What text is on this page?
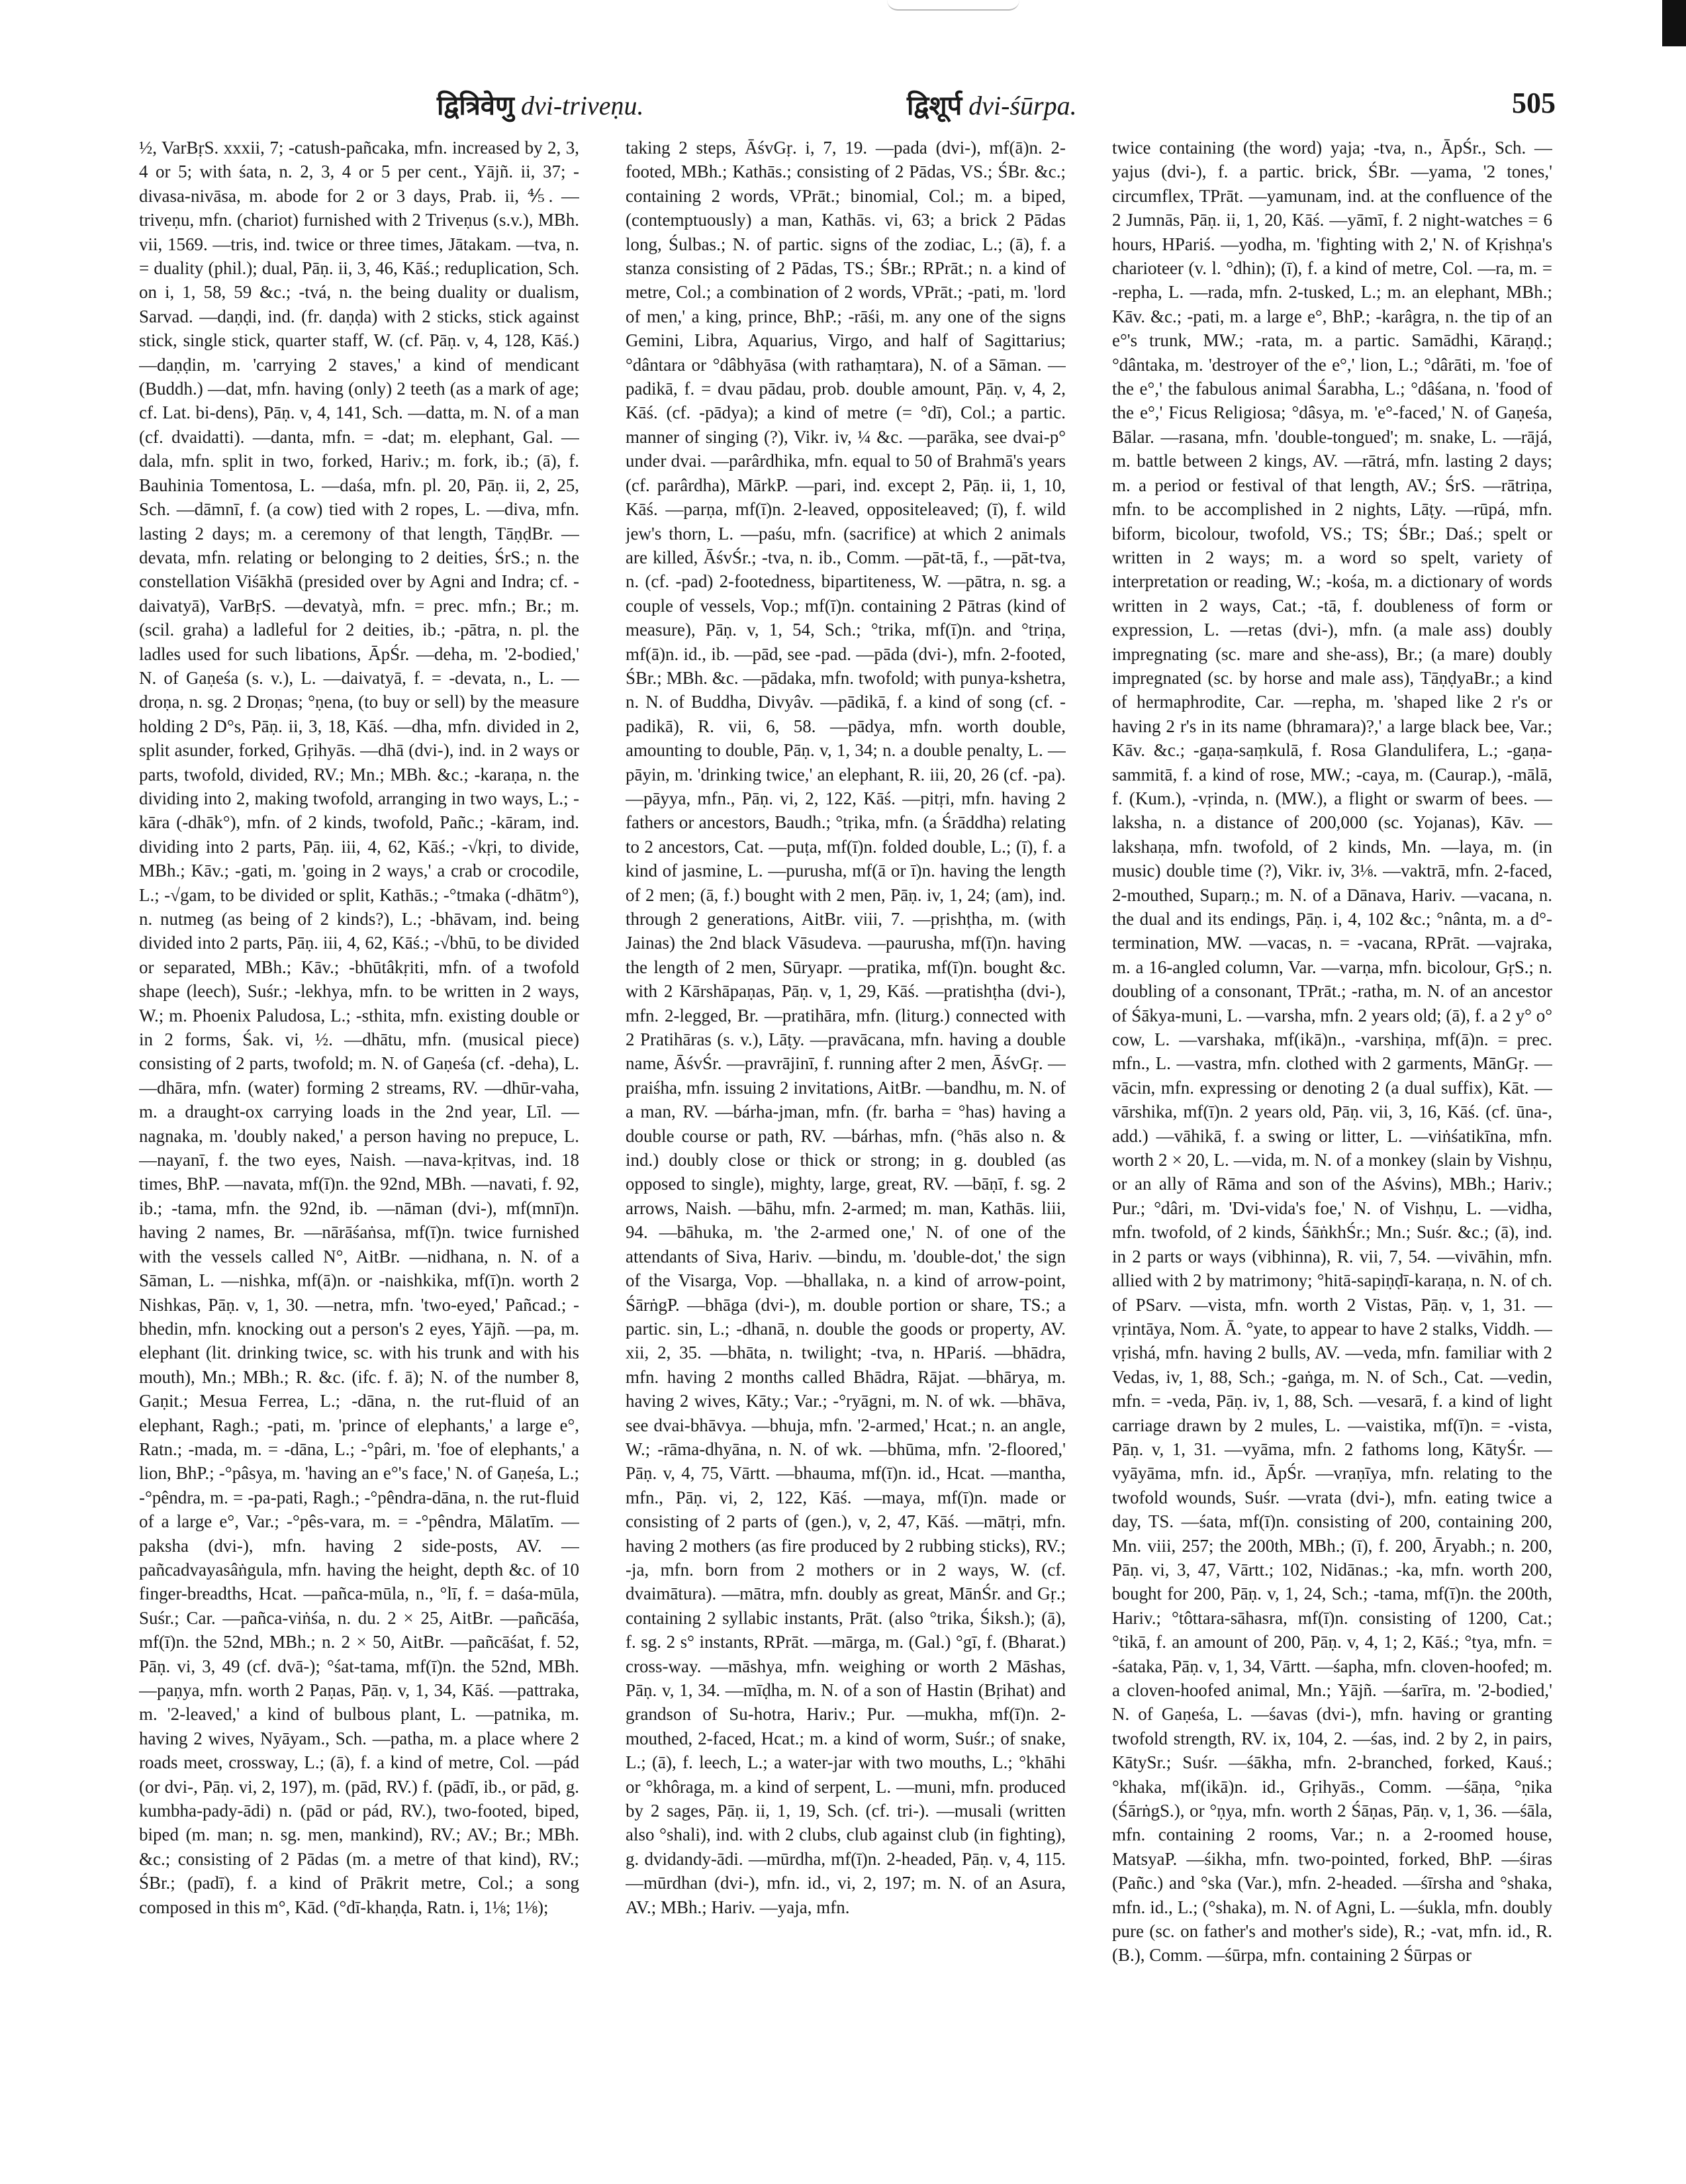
द्वित्रिवेणु dvi-triveṇu.	द्विशूर्प dvi-śūrpa.	505

½, VarBṛS. xxxii, 7; -catush-pañcaka, mfn. increased by 2, 3, 4 or 5; with śata, n. 2, 3, 4 or 5 per cent., Yājñ. ii, 37; -divasa-nivāsa, m. abode for 2 or 3 days, Prab. ii, ⅘. —triveṇu, mfn. (chariot) furnished with 2 Triveṇus (s.v.), MBh. vii, 1569. —tris, ind. twice or three times, Jātakam. —tva, n. = duality (phil.); dual, Pāṇ. ii, 3, 46, Kāś.; reduplication, Sch. on i, 1, 58, 59 &c.; -tvá, n. the being duality or dualism, Sarvad. —daṇḍi, ind. (fr. daṇḍa) with 2 sticks, stick against stick, single stick, quarter staff, W. (cf. Pāṇ. v, 4, 128, Kāś.) —daṇḍin, m. 'carrying 2 staves,' a kind of mendicant (Buddh.) —dat, mfn. having (only) 2 teeth (as a mark of age; cf. Lat. bi-dens), Pāṇ. v, 4, 141, Sch. —datta, m. N. of a man (cf. dvaidatti). —danta, mfn. = -dat; m. elephant, Gal. —dala, mfn. split in two, forked, Hariv.; m. fork, ib.; (ā), f. Bauhinia Tomentosa, L. —daśa, mfn. pl. 20, Pāṇ. ii, 2, 25, Sch. —dāmnī, f. (a cow) tied with 2 ropes, L. —diva, mfn. lasting 2 days; m. a ceremony of that length, TāṇḍBr. —devata, mfn. relating or belonging to 2 deities, ŚrS.; n. the constellation Viśākhā (presided over by Agni and Indra; cf. -daivatyā), VarBṛS. —devatyà, mfn. = prec. mfn.; Br.; m. (scil. graha) a ladleful for 2 deities, ib.; -pātra, n. pl. the ladles used for such libations, ĀpŚr. —deha, m. '2-bodied,' N. of Gaṇeśa (s. v.), L. —daivatyā, f. = -devata, n., L. —droṇa, n. sg. 2 Droṇas; °ṇena, (to buy or sell) by the measure holding 2 D°s, Pāṇ. ii, 3, 18, Kāś. —dha, mfn. divided in 2, split asunder, forked, Gṛihyās. —dhā (dvi-), ind. in 2 ways or parts, twofold, divided, RV.; Mn.; MBh. &c.; -karaṇa, n. the dividing into 2, making twofold, arranging in two ways, L.; -kāra (-dhāk°), mfn. of 2 kinds, twofold, Pañc.; -kāram, ind. dividing into 2 parts, Pāṇ. iii, 4, 62, Kāś.; -√kṛi, to divide, MBh.; Kāv.; -gati, m. 'going in 2 ways,' a crab or crocodile, L.; -√gam, to be divided or split, Kathās.; -°tmaka (-dhātm°), n. nutmeg (as being of 2 kinds?), L.; -bhāvam, ind. being divided into 2 parts, Pāṇ. iii, 4, 62, Kāś.; -√bhū, to be divided or separated, MBh.; Kāv.; -bhūtâkṛiti, mfn. of a twofold shape (leech), Suśr.; -lekhya, mfn. to be written in 2 ways, W.; m. Phoenix Paludosa, L.; -sthita, mfn. existing double or in 2 forms, Śak. vi, ½. —dhātu, mfn. (musical piece) consisting of 2 parts, twofold; m. N. of Gaṇeśa (cf. -deha), L. —dhāra, mfn. (water) forming 2 streams, RV. —dhūr-vaha, m. a draught-ox carrying loads in the 2nd year, Līl. —nagnaka, m. 'doubly naked,' a person having no prepuce, L. —nayanī, f. the two eyes, Naish. —nava-kṛitvas, ind. 18 times, BhP. —navata, mf(ī)n. the 92nd, MBh. —navati, f. 92, ib.; -tama, mfn. the 92nd, ib. —nāman (dvi-), mf(mnī)n. having 2 names, Br. —nārāśaṅsa, mf(ī)n. twice furnished with the vessels called N°, AitBr. —nidhana, n. N. of a Sāman, L. —nishka, mf(ā)n. or -naishkika, mf(ī)n. worth 2 Nishkas, Pāṇ. v, 1, 30. —netra, mfn. 'two-eyed,' Pañcad.; -bhedin, mfn. knocking out a person's 2 eyes, Yājñ. —pa, m. elephant (lit. drinking twice, sc. with his trunk and with his mouth), Mn.; MBh.; R. &c. (ifc. f. ā); N. of the number 8, Gaṇit.; Mesua Ferrea, L.; -dāna, n. the rut-fluid of an elephant, Ragh.; -pati, m. 'prince of elephants,' a large e°, Ratn.; -mada, m. = -dāna, L.; -°pâri, m. 'foe of elephants,' a lion, BhP.; -°pâsya, m. 'having an e°'s face,' N. of Gaṇeśa, L.; -°pêndra, m. = -pa-pati, Ragh.; -°pêndra-dāna, n. the rut-fluid of a large e°, Var.; -°pês-vara, m. = -°pêndra, Mālatīm. —paksha (dvi-), mfn. having 2 side-posts, AV. —pañcadvayasâṅgula, mfn. having the height, depth &c. of 10 finger-breadths, Hcat. —pañca-mūla, n., °lī, f. = daśa-mūla, Suśr.; Car. —pañca-viṅśa, n. du. 2 × 25, AitBr. —pañcāśa, mf(ī)n. the 52nd, MBh.; n. 2 × 50, AitBr. —pañcāśat, f. 52, Pāṇ. vi, 3, 49 (cf. dvā-); °śat-tama, mf(ī)n. the 52nd, MBh. —paṇya, mfn. worth 2 Paṇas, Pāṇ. v, 1, 34, Kāś. —pattraka, m. '2-leaved,' a kind of bulbous plant, L. —patnika, m. having 2 wives, Nyāyam., Sch. —patha, m. a place where 2 roads meet, crossway, L.; (ā), f. a kind of metre, Col. —pád (or dvi-, Pāṇ. vi, 2, 197), m. (pād, RV.) f. (pādī, ib., or pād, g. kumbha-pady-ādi) n. (pād or pád, RV.), two-footed, biped, biped (m. man; n. sg. men, mankind), RV.; AV.; Br.; MBh. &c.; consisting of 2 Pādas (m. a metre of that kind), RV.; ŚBr.; (padī), f. a kind of Prākrit metre, Col.; a song composed in this m°, Kād. (°dī-khaṇḍa, Ratn. i, 1⅛; 1⅛);

taking 2 steps, ĀśvGṛ. i, 7, 19. —pada (dvi-), mf(ā)n. 2-footed, MBh.; Kathās.; consisting of 2 Pādas, VS.; ŚBr. &c.; containing 2 words, VPrāt.; binomial, Col.; m. a biped, (contemptuously) a man, Kathās. vi, 63; a brick 2 Pādas long, Śulbas.; N. of partic. signs of the zodiac, L.; (ā), f. a stanza consisting of 2 Pādas, TS.; ŚBr.; RPrāt.; n. a kind of metre, Col.; a combination of 2 words, VPrāt.; -pati, m. 'lord of men,' a king, prince, BhP.; -rāśi, m. any one of the signs Gemini, Libra, Aquarius, Virgo, and half of Sagittarius; °dântara or °dâbhyāsa (with rathaṃtara), N. of a Sāman. —padikā, f. = dvau pādau, prob. double amount, Pāṇ. v, 4, 2, Kāś. (cf. -pādya); a kind of metre (= °dī), Col.; a partic. manner of singing (?), Vikr. iv, ¼ &c. —parāka, see dvai-p° under dvai. —parârdhika, mfn. equal to 50 of Brahmā's years (cf. parârdha), MārkP. —pari, ind. except 2, Pāṇ. ii, 1, 10, Kāś. —parṇa, mf(ī)n. 2-leaved, oppositeleaved; (ī), f. wild jew's thorn, L. —paśu, mfn. (sacrifice) at which 2 animals are killed, ĀśvŚr.; -tva, n. ib., Comm. —pāt-tā, f., —pāt-tva, n. (cf. -pad) 2-footedness, bipartiteness, W. —pātra, n. sg. a couple of vessels, Vop.; mf(ī)n. containing 2 Pātras (kind of measure), Pāṇ. v, 1, 54, Sch.; °trika, mf(ī)n. and °triṇa, mf(ā)n. id., ib. —pād, see -pad. —pāda (dvi-), mfn. 2-footed, ŚBr.; MBh. &c. —pādaka, mfn. twofold; with punya-kshetra, n. N. of Buddha, Divyâv. —pādikā, f. a kind of song (cf. -padikā), R. vii, 6, 58. —pādya, mfn. worth double, amounting to double, Pāṇ. v, 1, 34; n. a double penalty, L. —pāyin, m. 'drinking twice,' an elephant, R. iii, 20, 26 (cf. -pa). —pāyya, mfn., Pāṇ. vi, 2, 122, Kāś. —pitṛi, mfn. having 2 fathers or ancestors, Baudh.; °tṛika, mfn. (a Śrāddha) relating to 2 ancestors, Cat. —puṭa, mf(ī)n. folded double, L.; (ī), f. a kind of jasmine, L. —purusha, mf(ā or ī)n. having the length of 2 men; (ā, f.) bought with 2 men, Pāṇ. iv, 1, 24; (am), ind. through 2 generations, AitBr. viii, 7. —pṛishṭha, m. (with Jainas) the 2nd black Vāsudeva. —paurusha, mf(ī)n. having the length of 2 men, Sūryapr. —pratika, mf(ī)n. bought &c. with 2 Kārshāpaṇas, Pāṇ. v, 1, 29, Kāś. —pratishṭha (dvi-), mfn. 2-legged, Br. —pratihāra, mfn. (liturg.) connected with 2 Pratihāras (s. v.), Lāṭy. —pravācana, mfn. having a double name, ĀśvŚr. —pravrājinī, f. running after 2 men, ĀśvGṛ. —praiśha, mfn. issuing 2 invitations, AitBr. —bandhu, m. N. of a man, RV. —bárha-jman, mfn. (fr. barha = °has) having a double course or path, RV. —bárhas, mfn. (°hās also n. & ind.) doubly close or thick or strong; in g. doubled (as opposed to single), mighty, large, great, RV. —bāṇī, f. sg. 2 arrows, Naish. —bāhu, mfn. 2-armed; m. man, Kathās. liii, 94. —bāhuka, m. 'the 2-armed one,' N. of one of the attendants of Siva, Hariv. —bindu, m. 'double-dot,' the sign of the Visarga, Vop. —bhallaka, n. a kind of arrow-point, ŚārṅgP. —bhāga (dvi-), m. double portion or share, TS.; a partic. sin, L.; -dhanā, n. double the goods or property, AV. xii, 2, 35. —bhāta, n. twilight; -tva, n. HPariś. —bhādra, mfn. having 2 months called Bhādra, Rājat. —bhārya, m. having 2 wives, Kāty.; Var.; -°ryāgni, m. N. of wk. —bhāva, see dvai-bhāvya. —bhuja, mfn. '2-armed,' Hcat.; n. an angle, W.; -rāma-dhyāna, n. N. of wk. —bhūma, mfn. '2-floored,' Pāṇ. v, 4, 75, Vārtt. —bhauma, mf(ī)n. id., Hcat. —mantha, mfn., Pāṇ. vi, 2, 122, Kāś. —maya, mf(ī)n. made or consisting of 2 parts of (gen.), v, 2, 47, Kāś. —mātṛi, mfn. having 2 mothers (as fire produced by 2 rubbing sticks), RV.; -ja, mfn. born from 2 mothers or in 2 ways, W. (cf. dvaimātura). —mātra, mfn. doubly as great, MānŚr. and Gṛ.; containing 2 syllabic instants, Prāt. (also °trika, Śiksh.); (ā), f. sg. 2 s° instants, RPrāt. —mārga, m. (Gal.) °gī, f. (Bharat.) cross-way. —māshya, mfn. weighing or worth 2 Māshas, Pāṇ. v, 1, 34. —mīḍha, m. N. of a son of Hastin (Bṛihat) and grandson of Su-hotra, Hariv.; Pur. —mukha, mf(ī)n. 2-mouthed, 2-faced, Hcat.; m. a kind of worm, Suśr.; of snake, L.; (ā), f. leech, L.; a water-jar with two mouths, L.; °khāhi or °khôraga, m. a kind of serpent, L. —muni, mfn. produced by 2 sages, Pāṇ. ii, 1, 19, Sch. (cf. tri-). —musali (written also °shali), ind. with 2 clubs, club against club (in fighting), g. dvidandy-ādi. —mūrdha, mf(ī)n. 2-headed, Pāṇ. v, 4, 115. —mūrdhan (dvi-), mfn. id., vi, 2, 197; m. N. of an Asura, AV.; MBh.; Hariv. —yaja, mfn.

twice containing (the word) yaja; -tva, n., ĀpŚr., Sch. —yajus (dvi-), f. a partic. brick, ŚBr. —yama, '2 tones,' circumflex, TPrāt. —yamunam, ind. at the confluence of the 2 Jumnās, Pāṇ. ii, 1, 20, Kāś. —yāmī, f. 2 night-watches = 6 hours, HPariś. —yodha, m. 'fighting with 2,' N. of Kṛishṇa's charioteer (v. l. °dhin); (ī), f. a kind of metre, Col. —ra, m. = -repha, L. —rada, mfn. 2-tusked, L.; m. an elephant, MBh.; Kāv. &c.; -pati, m. a large e°, BhP.; -karâgra, n. the tip of an e°'s trunk, MW.; -rata, m. a partic. Samādhi, Kāraṇḍ.; °dântaka, m. 'destroyer of the e°,' lion, L.; °dârāti, m. 'foe of the e°,' the fabulous animal Śarabha, L.; °dâśana, n. 'food of the e°,' Ficus Religiosa; °dâsya, m. 'e°-faced,' N. of Gaṇeśa, Bālar. —rasana, mfn. 'double-tongued'; m. snake, L. —rājá, m. battle between 2 kings, AV. —rātrá, mfn. lasting 2 days; m. a period or festival of that length, AV.; ŚrS. —rātriṇa, mfn. to be accomplished in 2 nights, Lāṭy. —rūpá, mfn. biform, bicolour, twofold, VS.; TS; ŚBr.; Daś.; spelt or written in 2 ways; m. a word so spelt, variety of interpretation or reading, W.; -kośa, m. a dictionary of words written in 2 ways, Cat.; -tā, f. doubleness of form or expression, L. —retas (dvi-), mfn. (a male ass) doubly impregnating (sc. mare and she-ass), Br.; (a mare) doubly impregnated (sc. by horse and male ass), TāṇḍyaBr.; a kind of hermaphrodite, Car. —repha, m. 'shaped like 2 r's or having 2 r's in its name (bhramara)?,' a large black bee, Var.; Kāv. &c.; -gaṇa-saṃkulā, f. Rosa Glandulifera, L.; -gaṇa-sammitā, f. a kind of rose, MW.; -caya, m. (Caurap.), -mālā, f. (Kum.), -vṛinda, n. (MW.), a flight or swarm of bees. —laksha, n. a distance of 200,000 (sc. Yojanas), Kāv. —lakshaṇa, mfn. twofold, of 2 kinds, Mn. —laya, m. (in music) double time (?), Vikr. iv, 3⅛. —vaktrā, mfn. 2-faced, 2-mouthed, Suparṇ.; m. N. of a Dānava, Hariv. —vacana, n. the dual and its endings, Pāṇ. i, 4, 102 &c.; °nânta, m. a d°-termination, MW. —vacas, n. = -vacana, RPrāt. —vajraka, m. a 16-angled column, Var. —varṇa, mfn. bicolour, GṛS.; n. doubling of a consonant, TPrāt.; -ratha, m. N. of an ancestor of Śākya-muni, L. —varsha, mfn. 2 years old; (ā), f. a 2 y° o° cow, L. —varshaka, mf(ikā)n., -varshiṇa, mf(ā)n. = prec. mfn., L. —vastra, mfn. clothed with 2 garments, MānGṛ. —vācin, mfn. expressing or denoting 2 (a dual suffix), Kāt. —vārshika, mf(ī)n. 2 years old, Pāṇ. vii, 3, 16, Kāś. (cf. ūna-, add.) —vāhikā, f. a swing or litter, L. —viṅśatikīna, mfn. worth 2 × 20, L. —vida, m. N. of a monkey (slain by Vishṇu, or an ally of Rāma and son of the Aśvins), MBh.; Hariv.; Pur.; °dâri, m. 'Dvi-vida's foe,' N. of Vishṇu, L. —vidha, mfn. twofold, of 2 kinds, ŚāṅkhŚr.; Mn.; Suśr. &c.; (ā), ind. in 2 parts or ways (vibhinna), R. vii, 7, 54. —vivāhin, mfn. allied with 2 by matrimony; °hitā-sapiṇḍī-karaṇa, n. N. of ch. of PSarv. —vista, mfn. worth 2 Vistas, Pāṇ. v, 1, 31. —vṛintāya, Nom. Ā. °yate, to appear to have 2 stalks, Viddh. —vṛishá, mfn. having 2 bulls, AV. —veda, mfn. familiar with 2 Vedas, iv, 1, 88, Sch.; -gaṅga, m. N. of Sch., Cat. —vedin, mfn. = -veda, Pāṇ. iv, 1, 88, Sch. —vesarā, f. a kind of light carriage drawn by 2 mules, L. —vaistika, mf(ī)n. = -vista, Pāṇ. v, 1, 31. —vyāma, mfn. 2 fathoms long, KātyŚr. —vyāyāma, mfn. id., ĀpŚr. —vraṇīya, mfn. relating to the twofold wounds, Suśr. —vrata (dvi-), mfn. eating twice a day, TS. —śata, mf(ī)n. consisting of 200, containing 200, Mn. viii, 257; the 200th, MBh.; (ī), f. 200, Āryabh.; n. 200, Pāṇ. vi, 3, 47, Vārtt.; 102, Nidānas.; -ka, mfn. worth 200, bought for 200, Pāṇ. v, 1, 24, Sch.; -tama, mf(ī)n. the 200th, Hariv.; °tôttara-sāhasra, mf(ī)n. consisting of 1200, Cat.; °tikā, f. an amount of 200, Pāṇ. v, 4, 1; 2, Kāś.; °tya, mfn. = -śataka, Pāṇ. v, 1, 34, Vārtt. —śapha, mfn. cloven-hoofed; m. a cloven-hoofed animal, Mn.; Yājñ. —śarīra, m. '2-bodied,' N. of Gaṇeśa, L. —śavas (dvi-), mfn. having or granting twofold strength, RV. ix, 104, 2. —śas, ind. 2 by 2, in pairs, KātySr.; Suśr. —śākha, mfn. 2-branched, forked, Kauś.; °khaka, mf(ikā)n. id., Gṛihyās., Comm. —śāṇa, °ṇika (ŚārṅgS.), or °ṇya, mfn. worth 2 Śāṇas, Pāṇ. v, 1, 36. —śāla, mfn. containing 2 rooms, Var.; n. a 2-roomed house, MatsyaP. —śikha, mfn. two-pointed, forked, BhP. —śiras (Pañc.) and °ska (Var.), mfn. 2-headed. —śīrsha and °shaka, mfn. id., L.; (°shaka), m. N. of Agni, L. —śukla, mfn. doubly pure (sc. on father's and mother's side), R.; -vat, mfn. id., R. (B.), Comm. —śūrpa, mfn. containing 2 Śūrpas or
